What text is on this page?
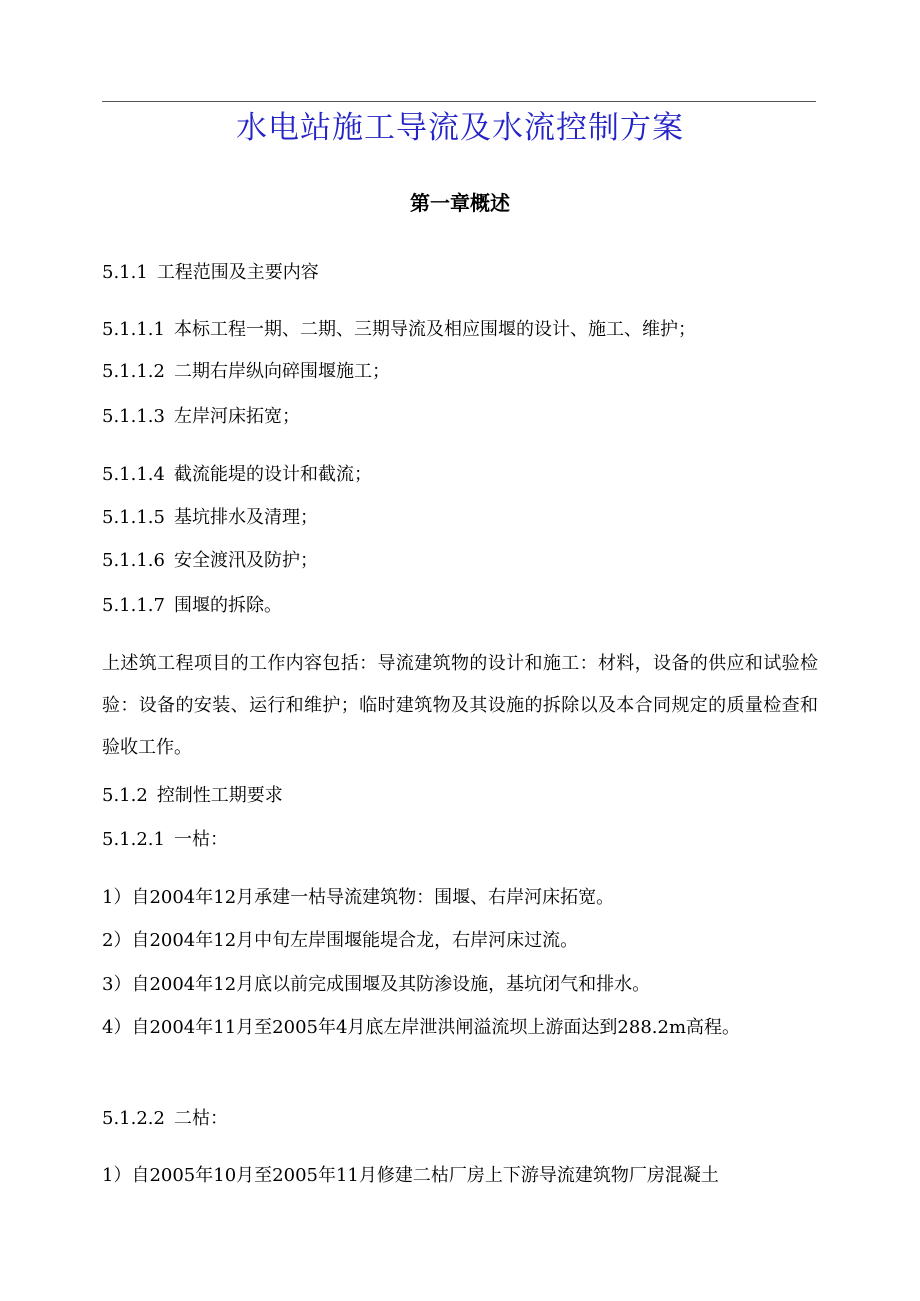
水电站施工导流及水流控制方案
第一章概述
5.1.1 工程范围及主要内容
5.1.1.1 本标工程一期、二期、三期导流及相应围堰的设计、施工、维护；
5.1.1.2 二期右岸纵向碎围堰施工；
5.1.1.3 左岸河床拓宽；
5.1.1.4 截流能堤的设计和截流；
5.1.1.5 基坑排水及清理；
5.1.1.6 安全渡汛及防护；
5.1.1.7 围堰的拆除。

上述筑工程项目的工作内容包括：导流建筑物的设计和施工：材料，设备的供应和试验检验：设备的安装、运行和维护；临时建筑物及其设施的拆除以及本合同规定的质量检查和验收工作。

5.1.2 控制性工期要求
5.1.2.1 一枯：
1）自2004年12月承建一枯导流建筑物：围堰、右岸河床拓宽。
2）自2004年12月中旬左岸围堰能堤合龙，右岸河床过流。
3）自2004年12月底以前完成围堰及其防渗设施，基坑闭气和排水。

4）自2004年11月至2005年4月底左岸泄洪闸溢流坝上游面达到288.2m高程。

5.1.2.2 二枯：
1）自2005年10月至2005年11月修建二枯厂房上下游导流建筑物厂房混凝土
